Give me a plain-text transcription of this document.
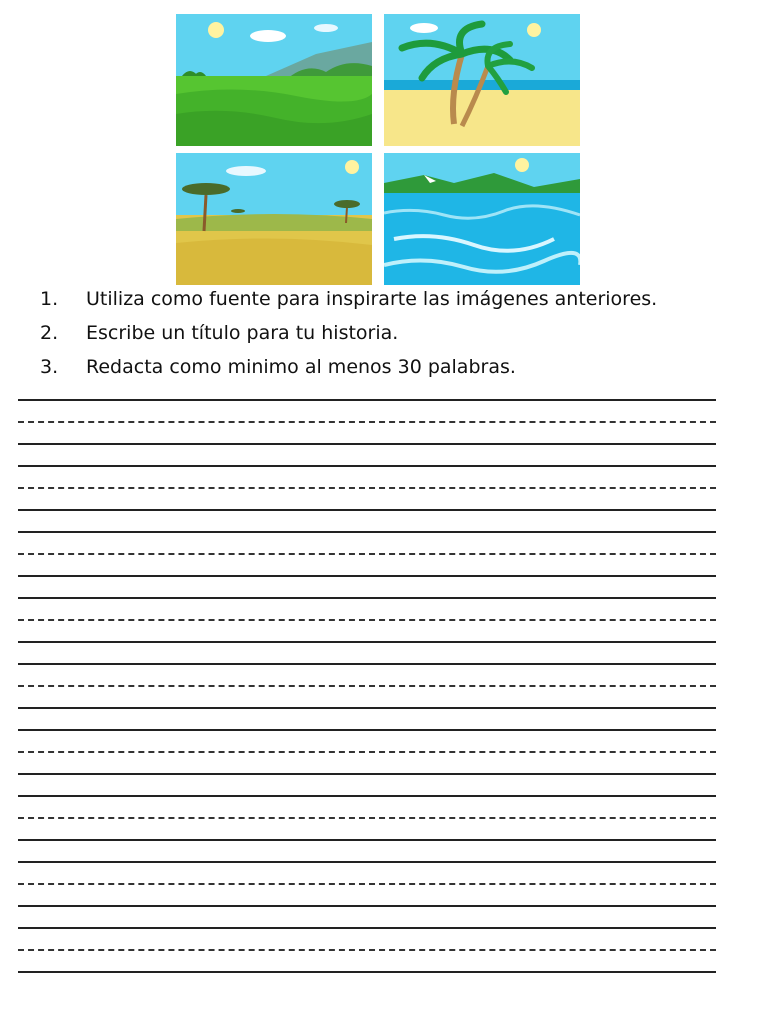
1.	Utiliza como fuente para inspirarte las imágenes anteriores.
2.	Escribe un título para tu historia.
3.	Redacta como minimo al menos 30 palabras.
